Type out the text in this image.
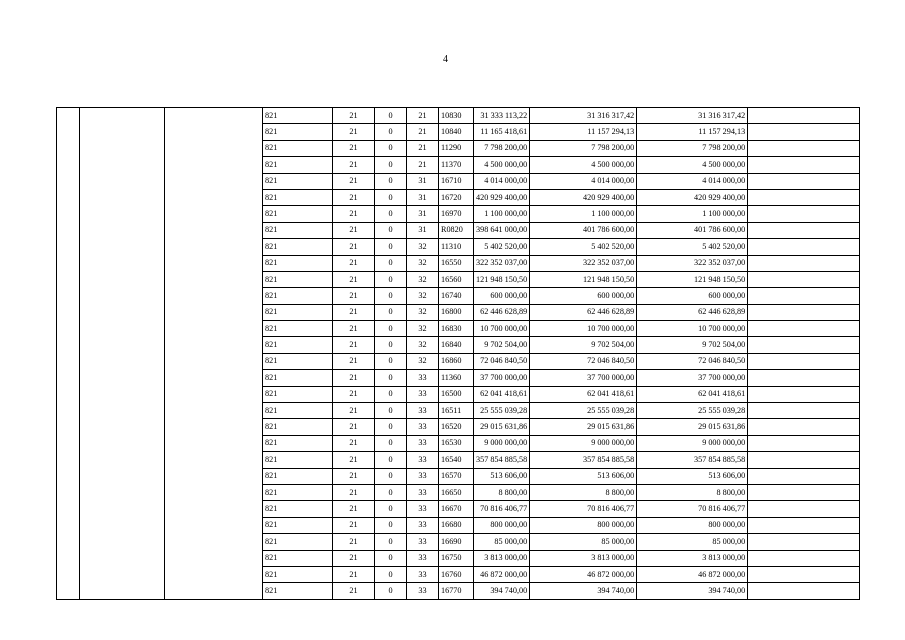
4
			821	21	0	21	10830	31 333 113,22	31 316 317,42	31 316 317,42	
			821	21	0	21	10840	11 165 418,61	11 157 294,13	11 157 294,13	
			821	21	0	21	11290	7 798 200,00	7 798 200,00	7 798 200,00	
			821	21	0	21	11370	4 500 000,00	4 500 000,00	4 500 000,00	
			821	21	0	31	16710	4 014 000,00	4 014 000,00	4 014 000,00	
			821	21	0	31	16720	420 929 400,00	420 929 400,00	420 929 400,00	
			821	21	0	31	16970	1 100 000,00	1 100 000,00	1 100 000,00	
			821	21	0	31	R0820	398 641 000,00	401 786 600,00	401 786 600,00	
			821	21	0	32	11310	5 402 520,00	5 402 520,00	5 402 520,00	
			821	21	0	32	16550	322 352 037,00	322 352 037,00	322 352 037,00	
			821	21	0	32	16560	121 948 150,50	121 948 150,50	121 948 150,50	
			821	21	0	32	16740	600 000,00	600 000,00	600 000,00	
			821	21	0	32	16800	62 446 628,89	62 446 628,89	62 446 628,89	
			821	21	0	32	16830	10 700 000,00	10 700 000,00	10 700 000,00	
			821	21	0	32	16840	9 702 504,00	9 702 504,00	9 702 504,00	
			821	21	0	32	16860	72 046 840,50	72 046 840,50	72 046 840,50	
			821	21	0	33	11360	37 700 000,00	37 700 000,00	37 700 000,00	
			821	21	0	33	16500	62 041 418,61	62 041 418,61	62 041 418,61	
			821	21	0	33	16511	25 555 039,28	25 555 039,28	25 555 039,28	
			821	21	0	33	16520	29 015 631,86	29 015 631,86	29 015 631,86	
			821	21	0	33	16530	9 000 000,00	9 000 000,00	9 000 000,00	
			821	21	0	33	16540	357 854 885,58	357 854 885,58	357 854 885,58	
			821	21	0	33	16570	513 606,00	513 606,00	513 606,00	
			821	21	0	33	16650	8 800,00	8 800,00	8 800,00	
			821	21	0	33	16670	70 816 406,77	70 816 406,77	70 816 406,77	
			821	21	0	33	16680	800 000,00	800 000,00	800 000,00	
			821	21	0	33	16690	85 000,00	85 000,00	85 000,00	
			821	21	0	33	16750	3 813 000,00	3 813 000,00	3 813 000,00	
			821	21	0	33	16760	46 872 000,00	46 872 000,00	46 872 000,00	
			821	21	0	33	16770	394 740,00	394 740,00	394 740,00	
